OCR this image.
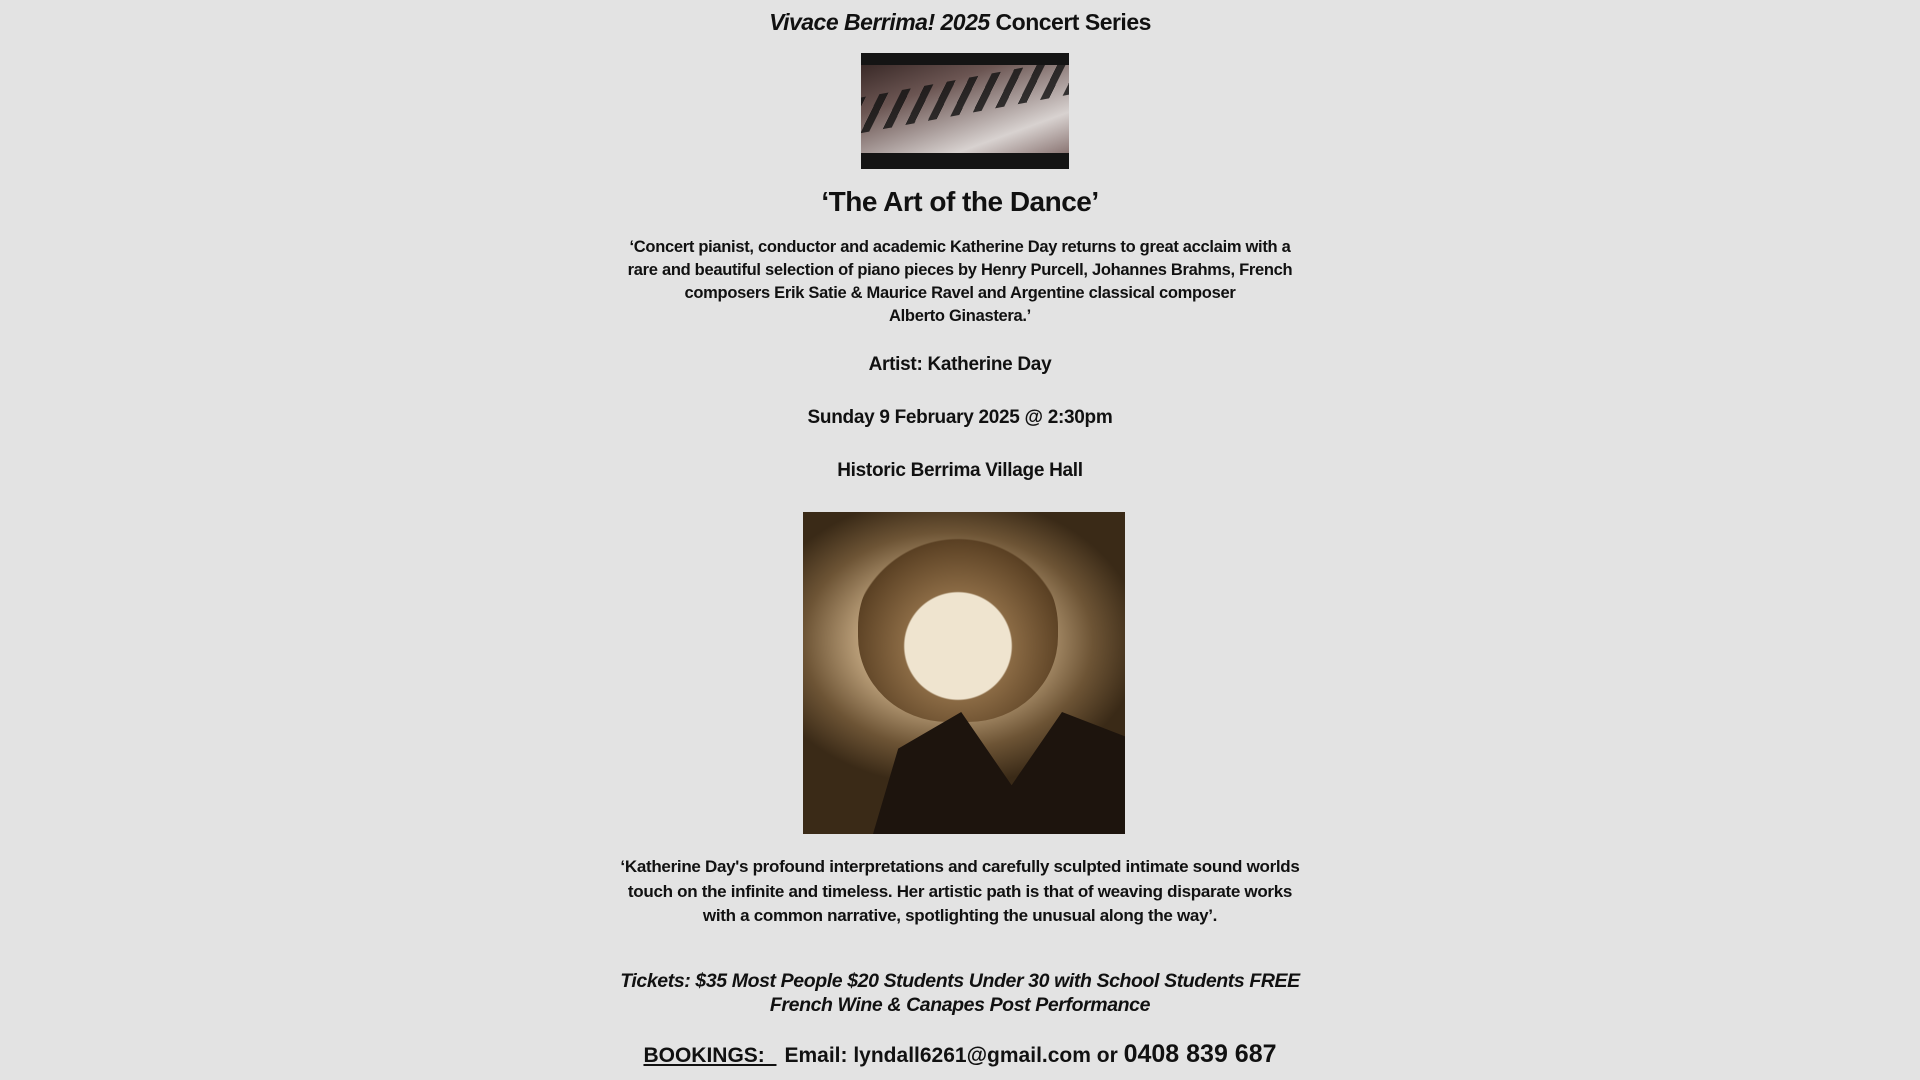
Vivace Berrima! 2025 Concert Series
‘The Art of the Dance’
‘Concert pianist, conductor and academic Katherine Day returns to great acclaim with a
rare and beautiful selection of piano pieces by Henry Purcell, Johannes Brahms, French
composers Erik Satie & Maurice Ravel and Argentine classical composer
Alberto Ginastera.’
Artist: Katherine Day
Sunday 9 February 2025 @ 2:30pm
Historic Berrima Village Hall
‘Katherine Day's profound interpretations and carefully sculpted intimate sound worlds
touch on the infinite and timeless. Her artistic path is that of weaving disparate works
with a common narrative, spotlighting the unusual along the way’.
Tickets: $35 Most People $20 Students Under 30 with School Students FREE
French Wine & Canapes Post Performance
BOOKINGS:  Email: lyndall6261@gmail.com or 0408 839 687
